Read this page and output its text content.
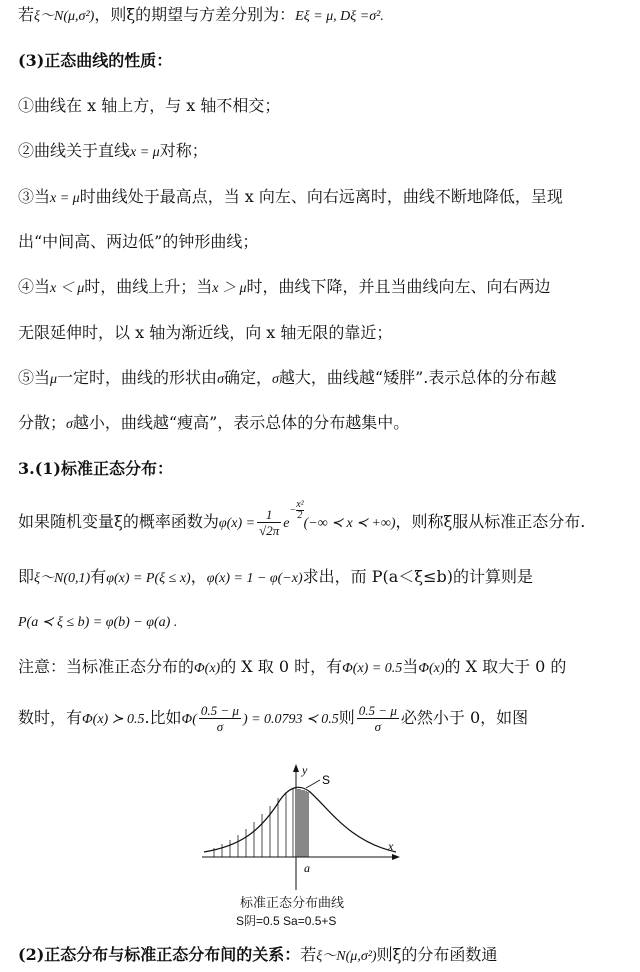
若ξ～N(μ,σ²)，则ξ的期望与方差分别为：Eξ = μ, Dξ =σ².
(3)正态曲线的性质：
①曲线在 x 轴上方，与 x 轴不相交；
②曲线关于直线x = μ对称；
③当x = μ时曲线处于最高点，当 x 向左、向右远离时，曲线不断地降低，呈现
出“中间高、两边低”的钟形曲线；
④当x ＜ μ时，曲线上升；当x ＞ μ时，曲线下降，并且当曲线向左、向右两边
无限延伸时，以 x 轴为渐近线，向 x 轴无限的靠近；
⑤当μ一定时，曲线的形状由σ确定，σ越大，曲线越“矮胖”.表示总体的分布越
分散；σ越小，曲线越“瘦高”，表示总体的分布越集中。
3.(1)标准正态分布：
如果随机变量ξ的概率函数为$\varphi(x) = \frac{1}{√2\pi} e- \frac{\text{x²}}{2}$
(−∞ ≺ x ≺ +∞)，则称ξ服从标准正态分布.
即ξ～N(0,1)有φ(x) = P(ξ ≤ x)，φ(x) = 1 − φ(−x)求出，而 P(a＜ξ≤b)的计算则是
P(a ≺ ξ ≤ b) = φ(b) − φ(a) .
注意：当标准正态分布的Φ(x)的 X 取 0 时，有Φ(x) = 0.5当Φ(x)的 X 取大于 0 的
数时，有Φ(x) ≻ 0.5.比如$\Phi( \frac{0.5 - \mu}{\sigma}$ ) = 0.0793 ≺ 0.5则 $\frac{0.5 - \mu}{\sigma}$ 必然小于 0，如图
S
y
x
a
标准正态分布曲线
S阴=0.5 Sa=0.5+S
(2)正态分布与标准正态分布间的关系：若ξ～N(μ,σ²)则ξ的分布函数通
